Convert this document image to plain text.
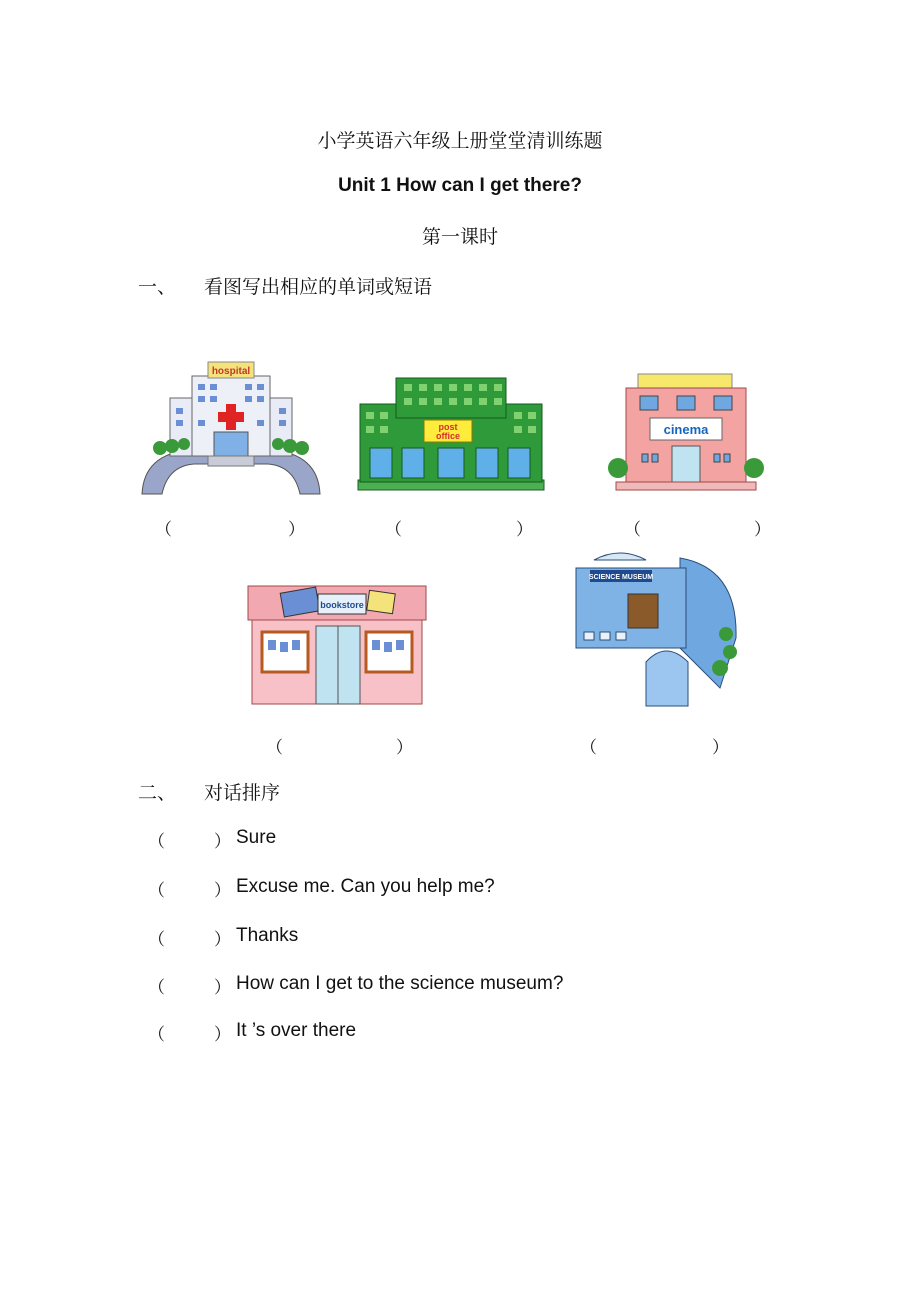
小学英语六年级上册堂堂清训练题
Unit 1 How can I get there?
第一课时
一、 看图写出相应的单词或短语
hospital
post
office	cinema
（	）	（	）	（	）
bookstore
SCIENCE MUSEUM
（	）	（	）
二、 对话排序
（	） Sure
（	） Excuse me. Can you help me?
（	） Thanks
（	） How can I get to the science museum?
（	） It ’s over there
